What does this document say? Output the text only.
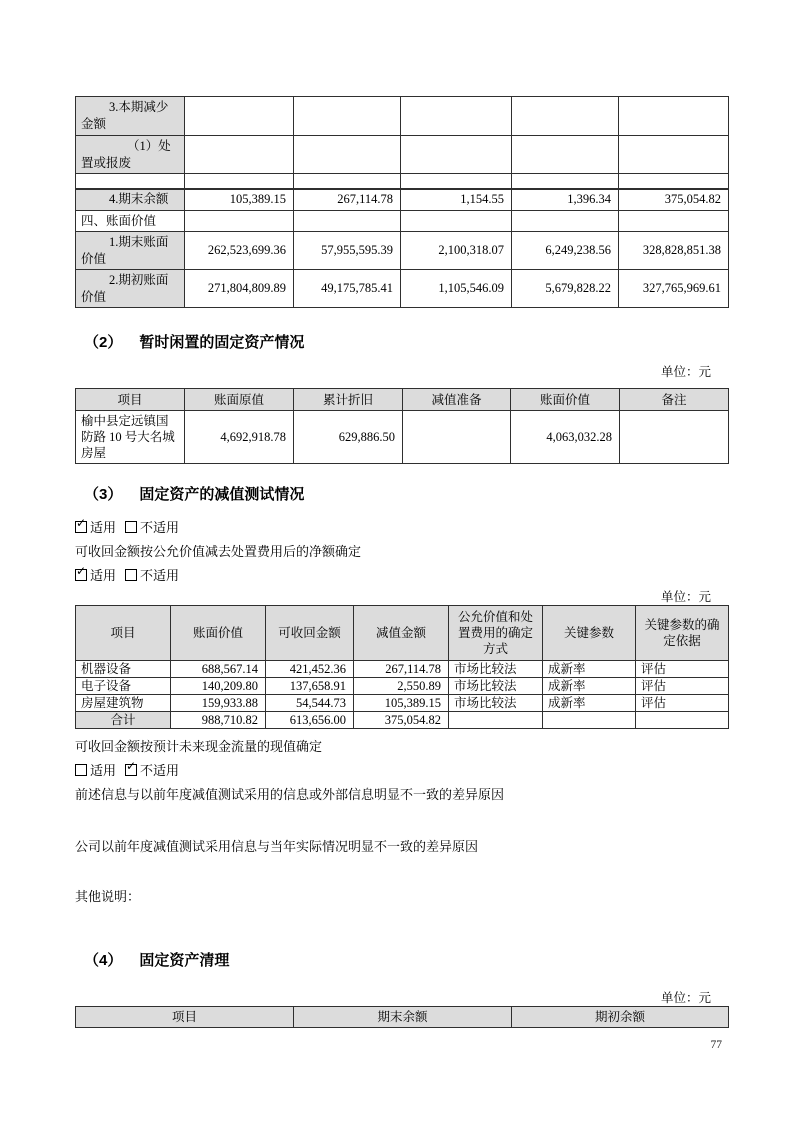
3.本期减少金额					
（1）处置或报废					

4.期末余额	105,389.15	267,114.78	1,154.55	1,396.34	375,054.82
四、账面价值					
1.期末账面价值	262,523,699.36	57,955,595.39	2,100,318.07	6,249,238.56	328,828,851.38
2.期初账面价值	271,804,809.89	49,175,785.41	1,105,546.09	5,679,828.22	327,765,969.61
（2） 暂时闲置的固定资产情况
单位：元
项目	账面原值	累计折旧	减值准备	账面价值	备注
榆中县定远镇国防路 10 号大名城房屋	4,692,918.78	629,886.50		4,063,032.28	
（3） 固定资产的减值测试情况
✓适用 不适用
可收回金额按公允价值减去处置费用后的净额确定
✓适用 不适用
单位：元
项目	账面价值	可收回金额	减值金额	公允价值和处置费用的确定方式	关键参数	关键参数的确定依据
机器设备	688,567.14	421,452.36	267,114.78	市场比较法	成新率	评估
电子设备	140,209.80	137,658.91	2,550.89	市场比较法	成新率	评估
房屋建筑物	159,933.88	54,544.73	105,389.15	市场比较法	成新率	评估
合计	988,710.82	613,656.00	375,054.82			
可收回金额按预计未来现金流量的现值确定
适用 ✓ 不适用
前述信息与以前年度减值测试采用的信息或外部信息明显不一致的差异原因
公司以前年度减值测试采用信息与当年实际情况明显不一致的差异原因
其他说明：
（4） 固定资产清理
单位：元
项目	期末余额	期初余额
77
